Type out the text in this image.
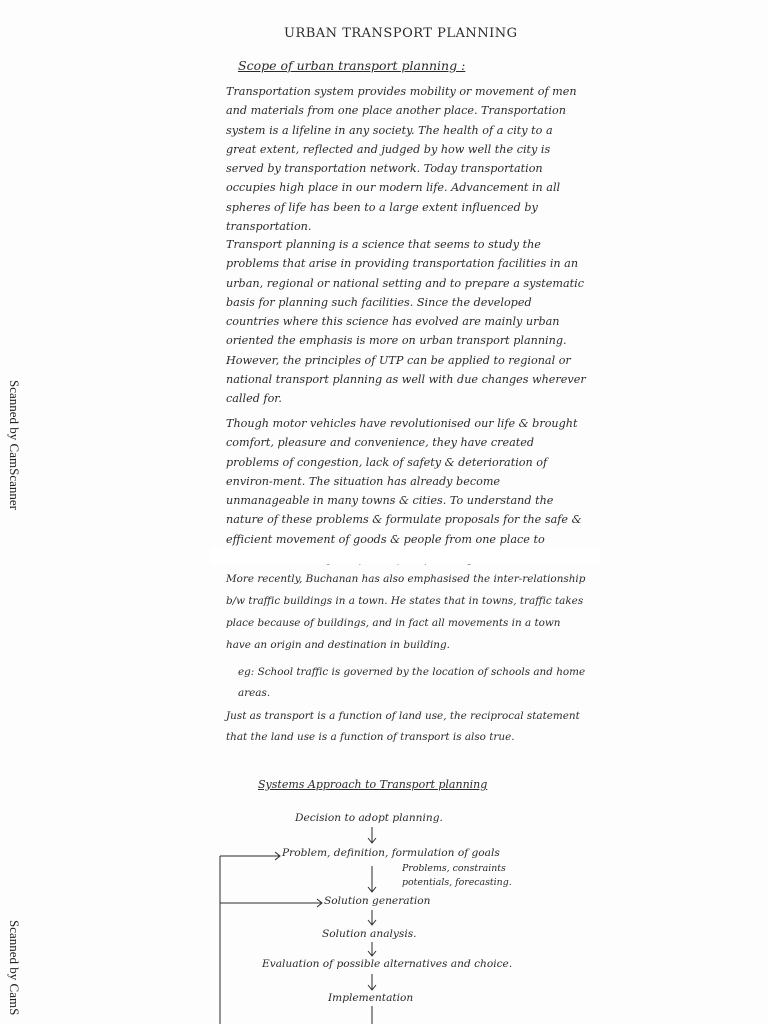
URBAN TRANSPORT PLANNING
Scope of urban transport planning :
Transportation system provides mobility or movement of men and materials from one place another place. Transportation system is a lifeline in any society. The health of a city to a great extent, reflected and judged by how well the city is served by transportation network. Today transportation occupies high place in our modern life. Advancement in all spheres of life has been to a large extent influenced by transportation.
Transport planning is a science that seems to study the problems that arise in providing transportation facilities in an urban, regional or national setting and to prepare a systematic basis for planning such facilities. Since the developed countries where this science has evolved are mainly urban oriented the emphasis is more on urban transport planning. However, the principles of UTP can be applied to regional or national transport planning as well with due changes wherever called for.
Though motor vehicles have revolutionised our life & brought comfort, pleasure and convenience, they have created problems of congestion, lack of safety & deterioration of environ-ment. The situation has already become unmanageable in many towns & cities. To understand the nature of these problems & formulate proposals for the safe & efficient movement of goods & people from one place to
More recently, Buchanan has also emphasised the inter-relationship b/w traffic buildings in a town. He states that in towns, traffic takes place because of buildings, and in fact all movements in a town have an origin and destination in building.
eg: School traffic is governed by the location of schools and home areas.
Just as transport is a function of land use, the reciprocal statement that the land use is a function of transport is also true.
Systems Approach to Transport planning
Decision to adopt planning.
Problem, definition, formulation of goals
Problems, constraints
potentials, forecasting.
Solution generation
Solution analysis.
Evaluation of possible alternatives and choice.
Implementation
Scanned by CamScanner
Scanned by CamS
